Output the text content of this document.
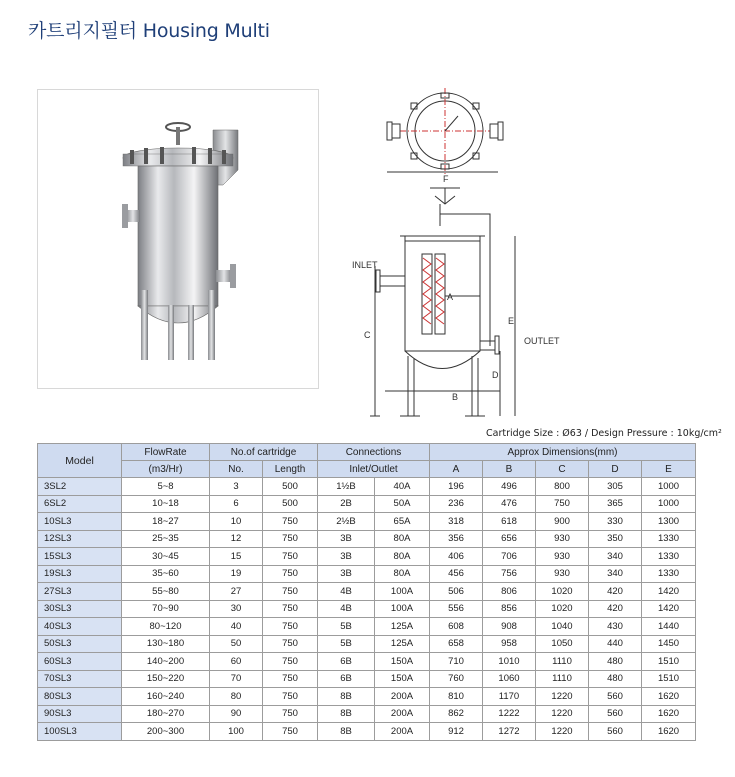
카트리지필터 Housing Multi
F
INLET
OUTLET
A
B
C
D
E
Cartridge Size : Ø63 / Design Pressure : 10kg/cm²
Model	FlowRate	No.of cartridge		Connections		Approx Dimensions(mm)				
	(m3/Hr)	No.	Length	Inlet/Outlet		A	B	C	D	E
3SL2	5~8	3	500	1½B	40A	196	496	800	305	1000
6SL2	10~18	6	500	2B	50A	236	476	750	365	1000
10SL3	18~27	10	750	2½B	65A	318	618	900	330	1300
12SL3	25~35	12	750	3B	80A	356	656	930	350	1330
15SL3	30~45	15	750	3B	80A	406	706	930	340	1330
19SL3	35~60	19	750	3B	80A	456	756	930	340	1330
27SL3	55~80	27	750	4B	100A	506	806	1020	420	1420
30SL3	70~90	30	750	4B	100A	556	856	1020	420	1420
40SL3	80~120	40	750	5B	125A	608	908	1040	430	1440
50SL3	130~180	50	750	5B	125A	658	958	1050	440	1450
60SL3	140~200	60	750	6B	150A	710	1010	1110	480	1510
70SL3	150~220	70	750	6B	150A	760	1060	1110	480	1510
80SL3	160~240	80	750	8B	200A	810	1170	1220	560	1620
90SL3	180~270	90	750	8B	200A	862	1222	1220	560	1620
100SL3	200~300	100	750	8B	200A	912	1272	1220	560	1620
